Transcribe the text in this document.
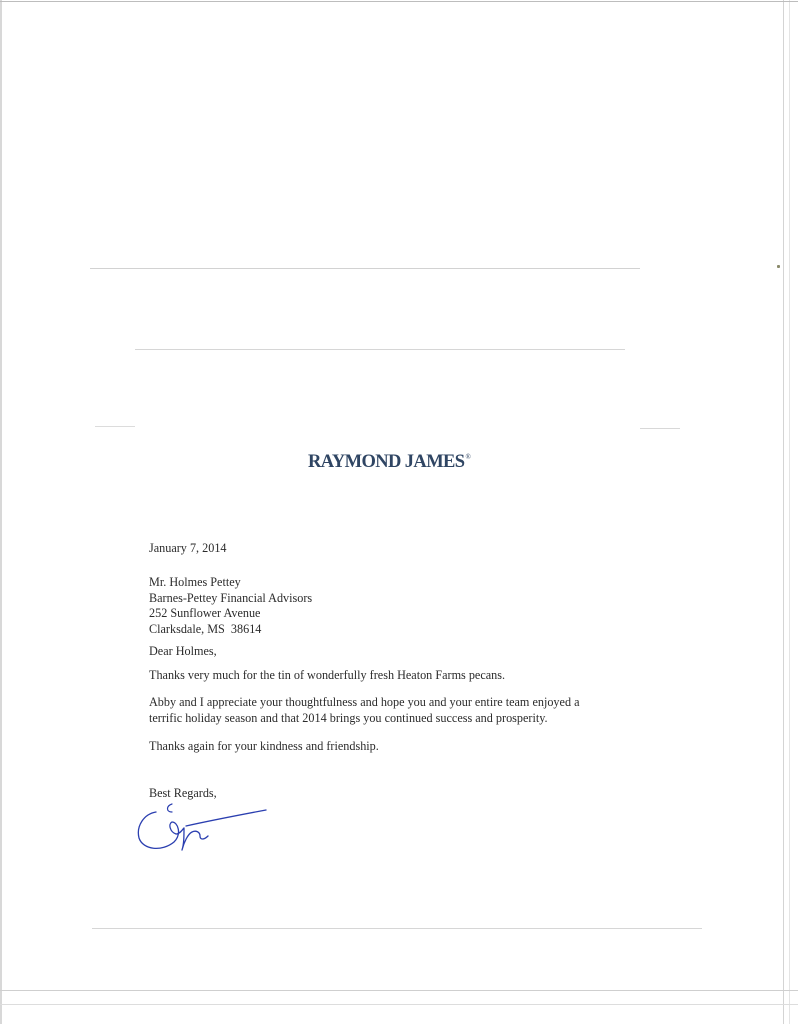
RAYMOND JAMES®
January 7, 2014
Mr. Holmes Pettey
Barnes-Pettey Financial Advisors
252 Sunflower Avenue
Clarksdale, MS  38614
Dear Holmes,
Thanks very much for the tin of wonderfully fresh Heaton Farms pecans.
Abby and I appreciate your thoughtfulness and hope you and your entire team enjoyed a
terrific holiday season and that 2014 brings you continued success and prosperity.
Thanks again for your kindness and friendship.
Best Regards,
